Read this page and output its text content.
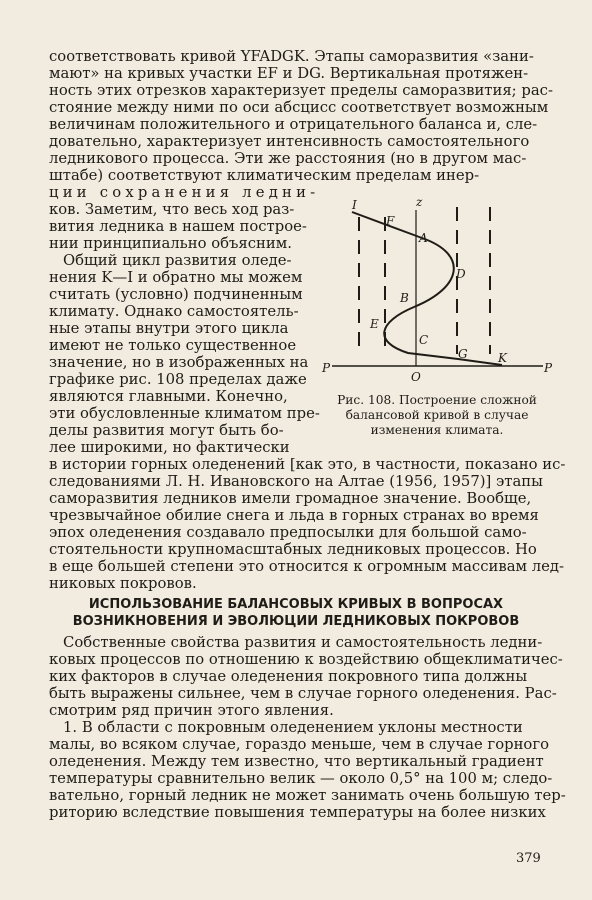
соответствовать кривой YFADGK. Этапы саморазвития «зани-
мают» на кривых участки EF и DG. Вертикальная протяжен-
ность этих отрезков характеризует пределы саморазвития; рас-
стояние между ними по оси абсцисс соответствует возможным
величинам положительного и отрицательного баланса и, сле-
довательно, характеризует интенсивность самостоятельного
ледникового процесса. Эти же расстояния (но в другом мас-
штабе) соответствуют климатическим пределам инер-
ции сохранения ледни-
ков. Заметим, что весь ход раз-
вития ледника в нашем построе-
нии принципиально объясним.
Общий цикл развития оледе-
нения K—I и обратно мы можем
считать (условно) подчиненным
климату. Однако самостоятель-
ные этапы внутри этого цикла
имеют не только существенное
значение, но в изображенных на
графике рис. 108 пределах даже
являются главными. Конечно,
эти обусловленные климатом пре-
делы развития могут быть бо-
лее широкими, но фактически
в истории горных оледенений [как это, в частности, показано ис-
следованиями Л. Н. Ивановского на Алтае (1956, 1957)] этапы
саморазвития ледников имели громадное значение. Вообще,
чрезвычайное обилие снега и льда в горных странах во время
эпох оледенения создавало предпосылки для большой само-
стоятельности крупномасштабных ледниковых процессов. Но
в еще большей степени это относится к огромным массивам лед-
никовых покровов.
ИСПОЛЬЗОВАНИЕ БАЛАНСОВЫХ КРИВЫХ В ВОПРОСАХ
ВОЗНИКНОВЕНИЯ И ЭВОЛЮЦИИ ЛЕДНИКОВЫХ ПОКРОВОВ
Собственные свойства развития и самостоятельность ледни-
ковых процессов по отношению к воздействию общеклиматичес-
ких факторов в случае оледенения покровного типа должны
быть выражены сильнее, чем в случае горного оледенения. Рас-
смотрим ряд причин этого явления.
1. В области с покровным оледенением уклоны местности
малы, во всяком случае, гораздо меньше, чем в случае горного
оледенения. Между тем известно, что вертикальный градиент
температуры сравнительно велик — около 0,5° на 100 м; следо-
вательно, горный ледник не может занимать очень большую тер-
риторию вследствие повышения температуры на более низких
I
F
z
A
D
B
E
C
G	K
P	P
O
Рис. 108. Построение сложной
балансовой кривой в случае
изменения климата.
379
